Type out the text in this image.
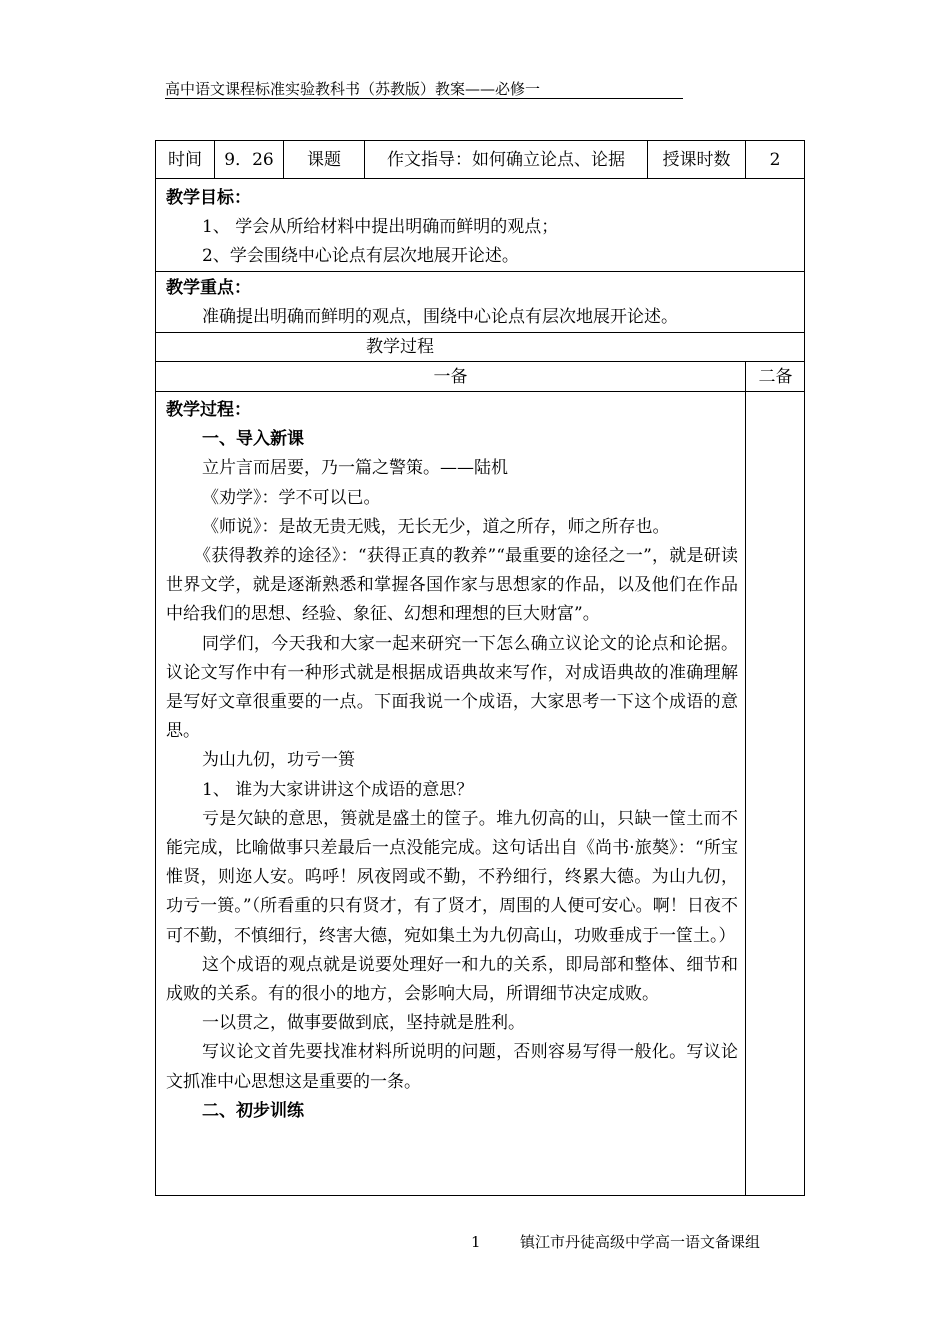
高中语文课程标准实验教科书（苏教版）教案——必修一
时间	9．26	课题	作文指导：如何确立论点、论据	授课时数	2

教学目标：

1、 学会从所给材料中提出明确而鲜明的观点；

2、学会围绕中心论点有层次地展开论述。

教学重点：

准确提出明确而鲜明的观点，围绕中心论点有层次地展开论述。

教学过程
一备	二备

教学过程：

一、导入新课

立片言而居要，乃一篇之警策。——陆机

《劝学》：学不可以已。

《师说》：是故无贵无贱，无长无少，道之所存，师之所存也。

《获得教养的途径》：“获得正真的教养”“最重要的途径之一”，就是研读世界文学，就是逐渐熟悉和掌握各国作家与思想家的作品，以及他们在作品中给我们的思想、经验、象征、幻想和理想的巨大财富”。

同学们，今天我和大家一起来研究一下怎么确立议论文的论点和论据。议论文写作中有一种形式就是根据成语典故来写作，对成语典故的准确理解是写好文章很重要的一点。下面我说一个成语，大家思考一下这个成语的意思。

为山九仞，功亏一篑

1、 谁为大家讲讲这个成语的意思？

亏是欠缺的意思，篑就是盛土的筐子。堆九仞高的山，只缺一筐土而不能完成，比喻做事只差最后一点没能完成。这句话出自《尚书·旅獒》：“所宝惟贤，则迩人安。呜呼！夙夜罔或不勤，不矜细行，终累大德。为山九仞，功亏一篑。”（所看重的只有贤才，有了贤才，周围的人便可安心。啊！日夜不可不勤，不慎细行，终害大德，宛如集土为九仞高山，功败垂成于一筐土。）

这个成语的观点就是说要处理好一和九的关系，即局部和整体、细节和成败的关系。有的很小的地方，会影响大局，所谓细节决定成败。

一以贯之，做事要做到底，坚持就是胜利。

写议论文首先要找准材料所说明的问题，否则容易写得一般化。写议论文抓准中心思想这是重要的一条。

二、初步训练

1	镇江市丹徒高级中学高一语文备课组
